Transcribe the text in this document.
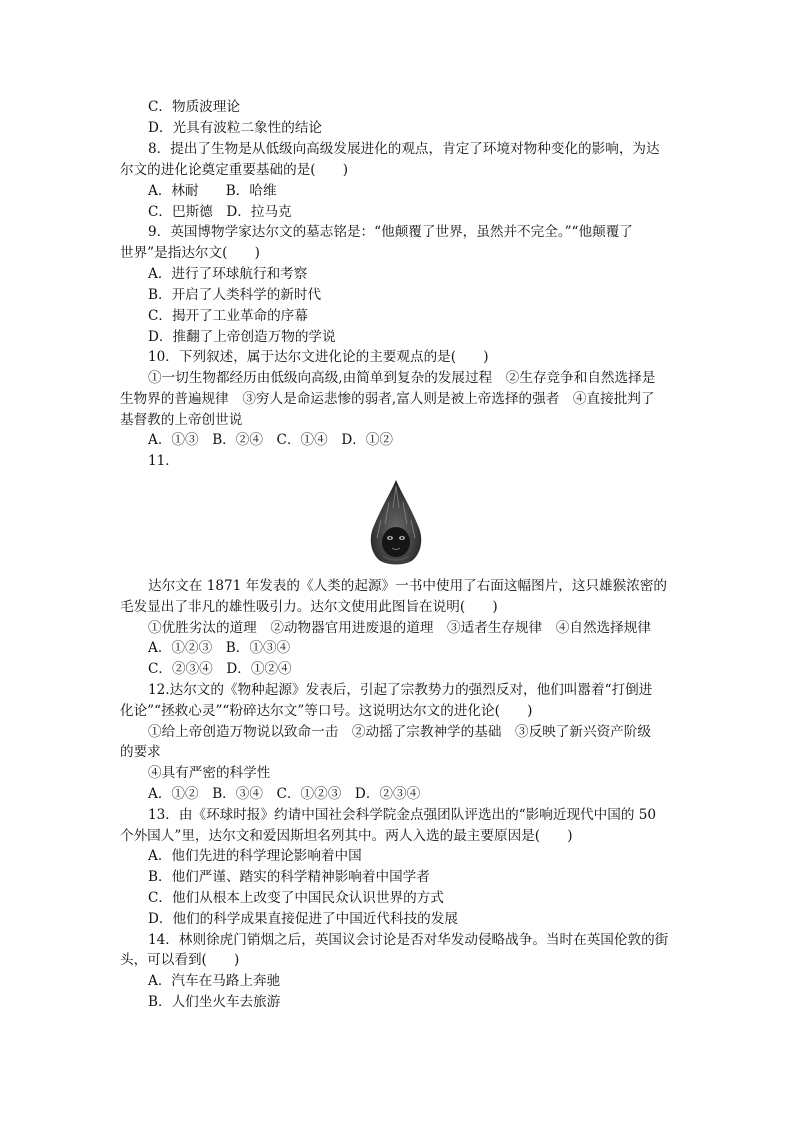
C．物质波理论
D．光具有波粒二象性的结论
8．提出了生物是从低级向高级发展进化的观点，肯定了环境对物种变化的影响，为达
尔文的进化论奠定重要基础的是(　　)
A．林耐　　B．哈维
C．巴斯德　D．拉马克
9．英国博物学家达尔文的墓志铭是：“他颠覆了世界，虽然并不完全。”“他颠覆了
世界”是指达尔文(　　)
A．进行了环球航行和考察
B．开启了人类科学的新时代
C．揭开了工业革命的序幕
D．推翻了上帝创造万物的学说
10．下列叙述，属于达尔文进化论的主要观点的是(　　)
①一切生物都经历由低级向高级,由简单到复杂的发展过程　②生存竞争和自然选择是
生物界的普遍规律　③穷人是命运悲惨的弱者,富人则是被上帝选择的强者　④直接批判了
基督教的上帝创世说
A．①③　B．②④　C．①④　D．①②
11．
达尔文在 1871 年发表的《人类的起源》一书中使用了右面这幅图片，这只雄猴浓密的
毛发显出了非凡的雄性吸引力。达尔文使用此图旨在说明(　　)
①优胜劣汰的道理　②动物器官用进废退的道理　③适者生存规律　④自然选择规律
A．①②③　B．①③④
C．②③④　D．①②④
12.达尔文的《物种起源》发表后，引起了宗教势力的强烈反对，他们叫嚣着“打倒进
化论”“拯救心灵”“粉碎达尔文”等口号。这说明达尔文的进化论(　　)
①给上帝创造万物说以致命一击　②动摇了宗教神学的基础　③反映了新兴资产阶级
的要求
④具有严密的科学性
A．①②　B．③④　C．①②③　D．②③④
13．由《环球时报》约请中国社会科学院金点强团队评选出的“影响近现代中国的 50
个外国人”里，达尔文和爱因斯坦名列其中。两人入选的最主要原因是(　　)
A．他们先进的科学理论影响着中国
B．他们严谨、踏实的科学精神影响着中国学者
C．他们从根本上改变了中国民众认识世界的方式
D．他们的科学成果直接促进了中国近代科技的发展
14．林则徐虎门销烟之后，英国议会讨论是否对华发动侵略战争。当时在英国伦敦的街
头，可以看到(　　)
A．汽车在马路上奔驰
B．人们坐火车去旅游
